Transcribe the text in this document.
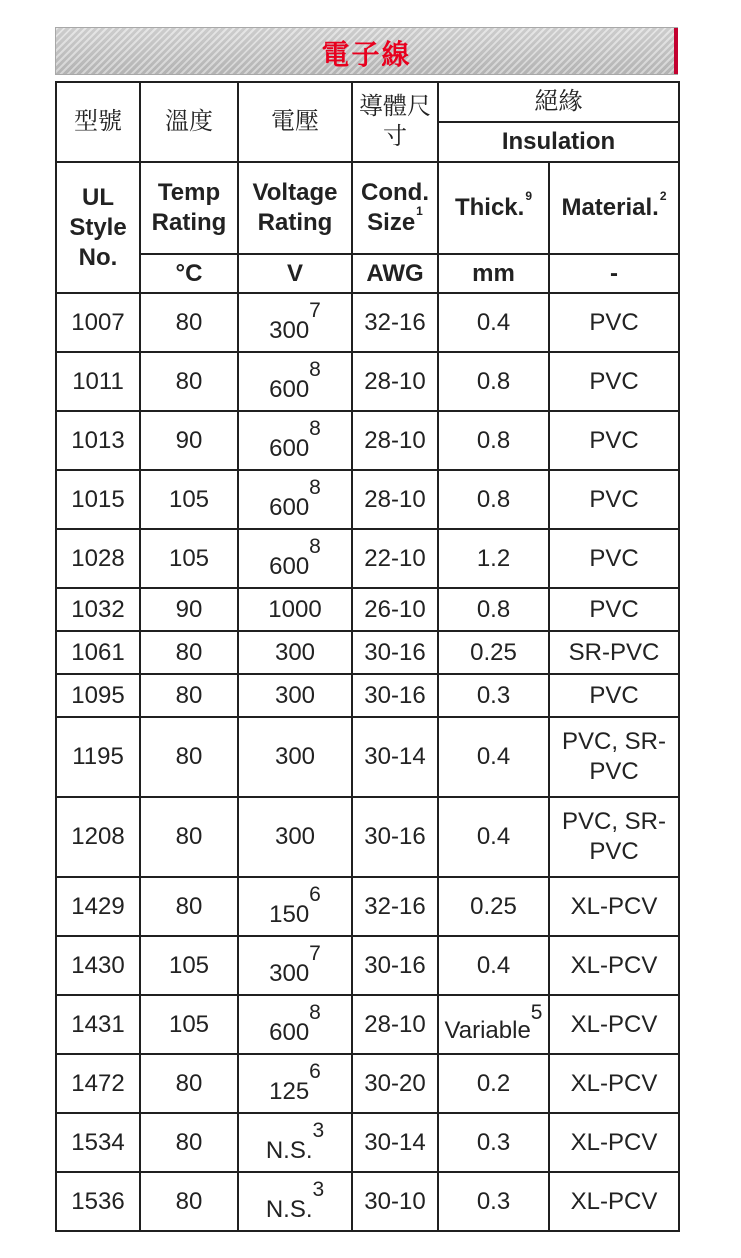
電子線
型號	溫度	電壓	導體尺寸	絕緣	
				Insulation	
UL Style No.	Temp Rating	Voltage Rating	Cond. Size$^1$	Thick.$^9$	Material.$^2$
	°C	V	AWG	mm	-
1007	80	3007	32-16	0.4	PVC
1011	80	6008	28-10	0.8	PVC
1013	90	6008	28-10	0.8	PVC
1015	105	6008	28-10	0.8	PVC
1028	105	6008	22-10	1.2	PVC
1032	90	1000	26-10	0.8	PVC
1061	80	300	30-16	0.25	SR-PVC
1095	80	300	30-16	0.3	PVC
1195	80	300	30-14	0.4	PVC, SR-PVC
1208	80	300	30-16	0.4	PVC, SR-PVC
1429	80	1506	32-16	0.25	XL-PCV
1430	105	3007	30-16	0.4	XL-PCV
1431	105	6008	28-10	Variable5	XL-PCV
1472	80	1256	30-20	0.2	XL-PCV
1534	80	N.S.3	30-14	0.3	XL-PCV
1536	80	N.S.3	30-10	0.3	XL-PCV
